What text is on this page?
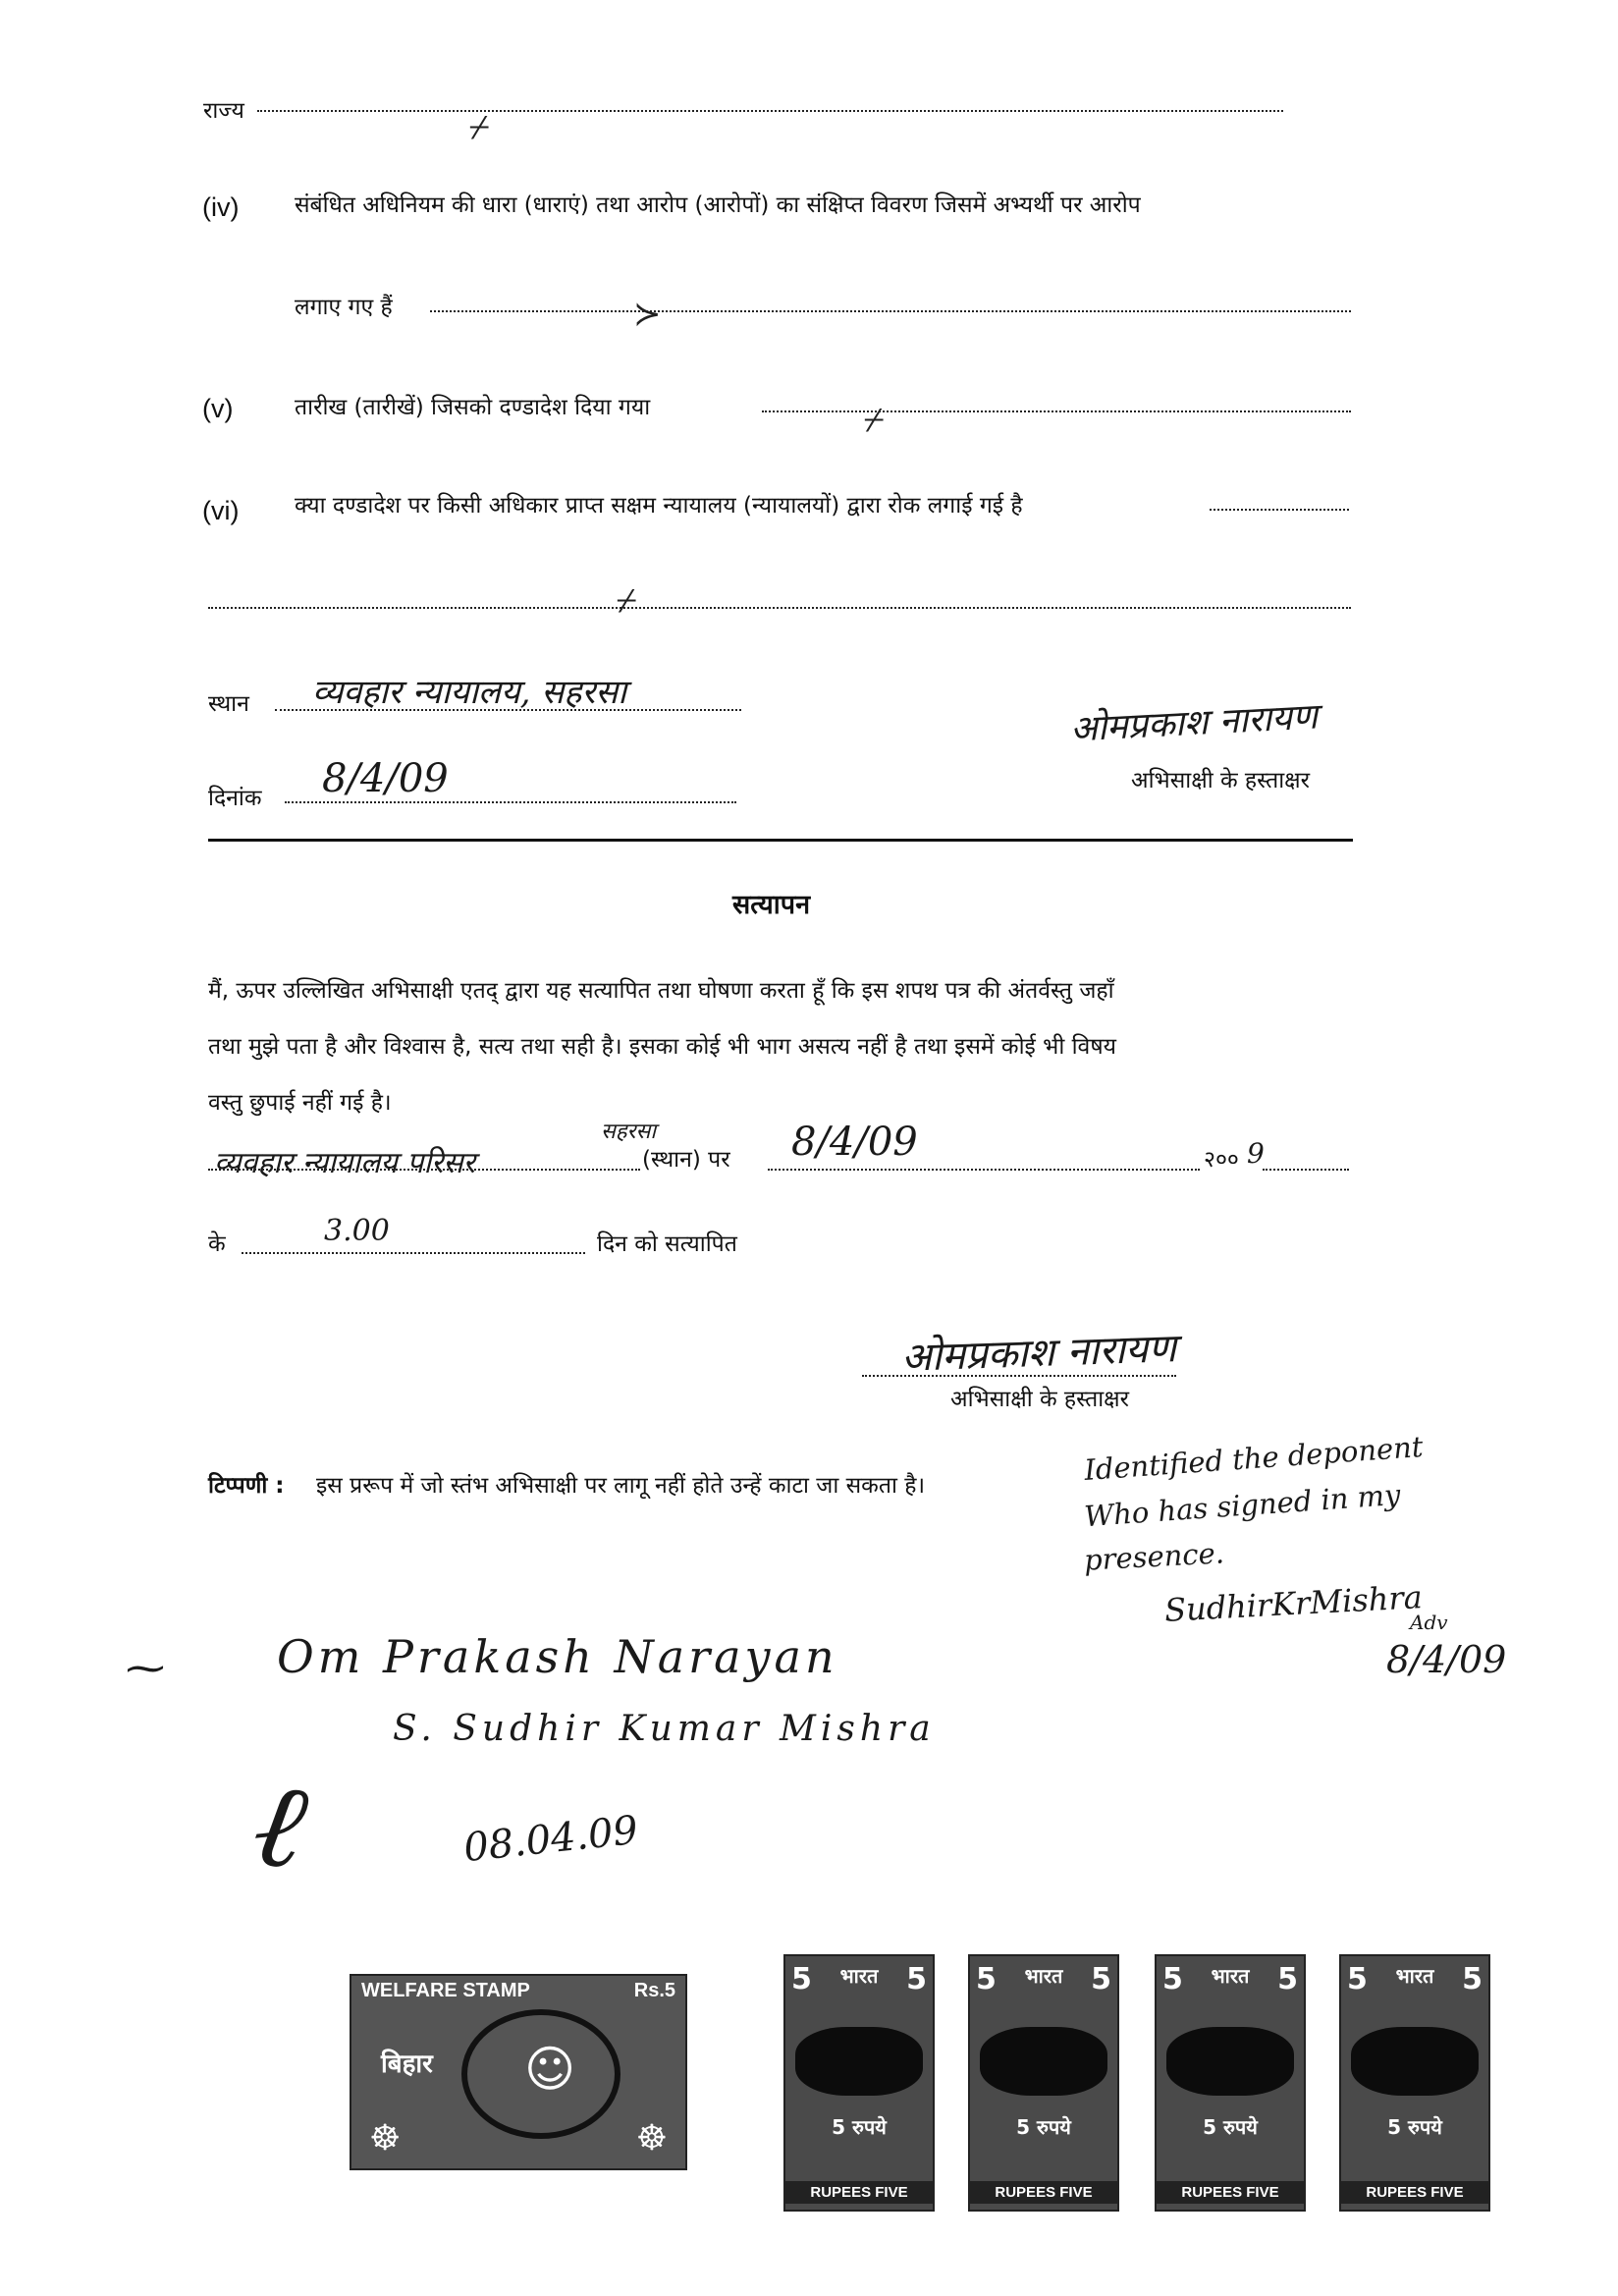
राज्य	⌿
(iv) संबंधित अधिनियम की धारा (धाराएं) तथा आरोप (आरोपों) का संक्षिप्त विवरण जिसमें अभ्यर्थी पर आरोप
लगाए गए हैं	≻
(v)	तारीख (तारीखें) जिसको दण्डादेश दिया गया	⌿
(vi) क्या दण्डादेश पर किसी अधिकार प्राप्त सक्षम न्यायालय (न्यायालयों) द्वारा रोक लगाई गई है
⌿
स्थान व्यवहार न्यायालय, सहरसा
दिनांक 8/4/09
ओमप्रकाश नारायण
अभिसाक्षी के हस्ताक्षर
सत्यापन
मैं, ऊपर उल्लिखित अभिसाक्षी एतद् द्वारा यह सत्यापित तथा घोषणा करता हूँ कि इस शपथ पत्र की अंतर्वस्तु जहाँ
तथा मुझे पता है और विश्वास है, सत्य तथा सही है। इसका कोई भी भाग असत्य नहीं है तथा इसमें कोई भी विषय
वस्तु छुपाई नहीं गई है।
व्यवहार न्यायालय परिसर
सहरसा
(स्थान) पर 8/4/09	२०० 9
के	3.00	दिन को सत्यापित
ओमप्रकाश नारायण
अभिसाक्षी के हस्ताक्षर
टिप्पणी : इस प्ररूप में जो स्तंभ अभिसाक्षी पर लागू नहीं होते उन्हें काटा जा सकता है।	Identified the deponent
Who has signed in my
presence.
SudhirKrMishra
Adv
8/4/09
Om Prakash Narayan
S. Sudhir Kumar Mishra
08.04.09
⁓
ℓ
WELFARE STAMP	Rs.5
बिहार ☺
☸	☸
5 भारत 5
5 रुपये
RUPEES FIVE
5 भारत 5
5 रुपये
RUPEES FIVE
5 भारत 5
5 रुपये
RUPEES FIVE
5 भारत 5
5 रुपये
RUPEES FIVE
